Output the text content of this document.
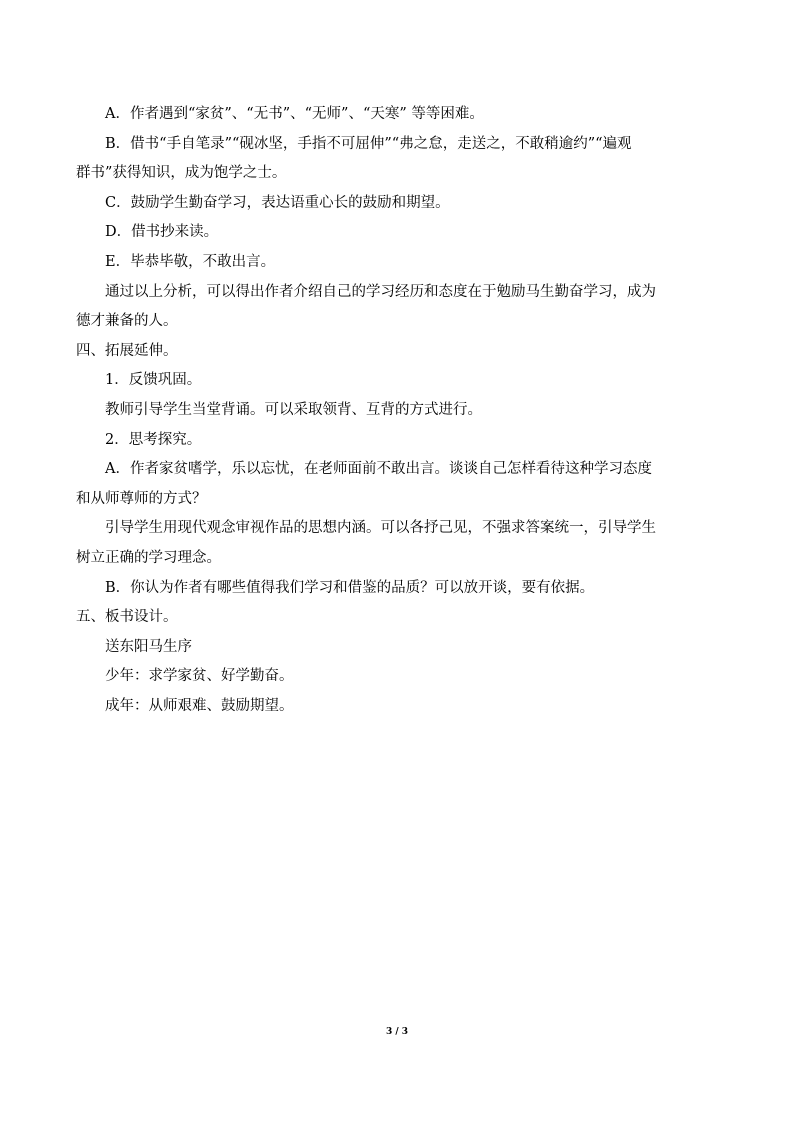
A．作者遇到“家贫”、“无书”、“无师”、“天寒” 等等困难。

B．借书“手自笔录”“砚冰坚，手指不可屈伸”“弗之怠，走送之，不敢稍逾约”“遍观

群书”获得知识，成为饱学之士。

C．鼓励学生勤奋学习，表达语重心长的鼓励和期望。

D．借书抄来读。

E．毕恭毕敬，不敢出言。

通过以上分析，可以得出作者介绍自己的学习经历和态度在于勉励马生勤奋学习，成为

德才兼备的人。

四、拓展延伸。

1．反馈巩固。

教师引导学生当堂背诵。可以采取领背、互背的方式进行。

2．思考探究。

A．作者家贫嗜学，乐以忘忧，在老师面前不敢出言。谈谈自己怎样看待这种学习态度

和从师尊师的方式？

引导学生用现代观念审视作品的思想内涵。可以各抒己见，不强求答案统一，引导学生

树立正确的学习理念。

B．你认为作者有哪些值得我们学习和借鉴的品质？可以放开谈，要有依据。

五、板书设计。

送东阳马生序

少年：求学家贫、好学勤奋。

成年：从师艰难、鼓励期望。

3 / 3
